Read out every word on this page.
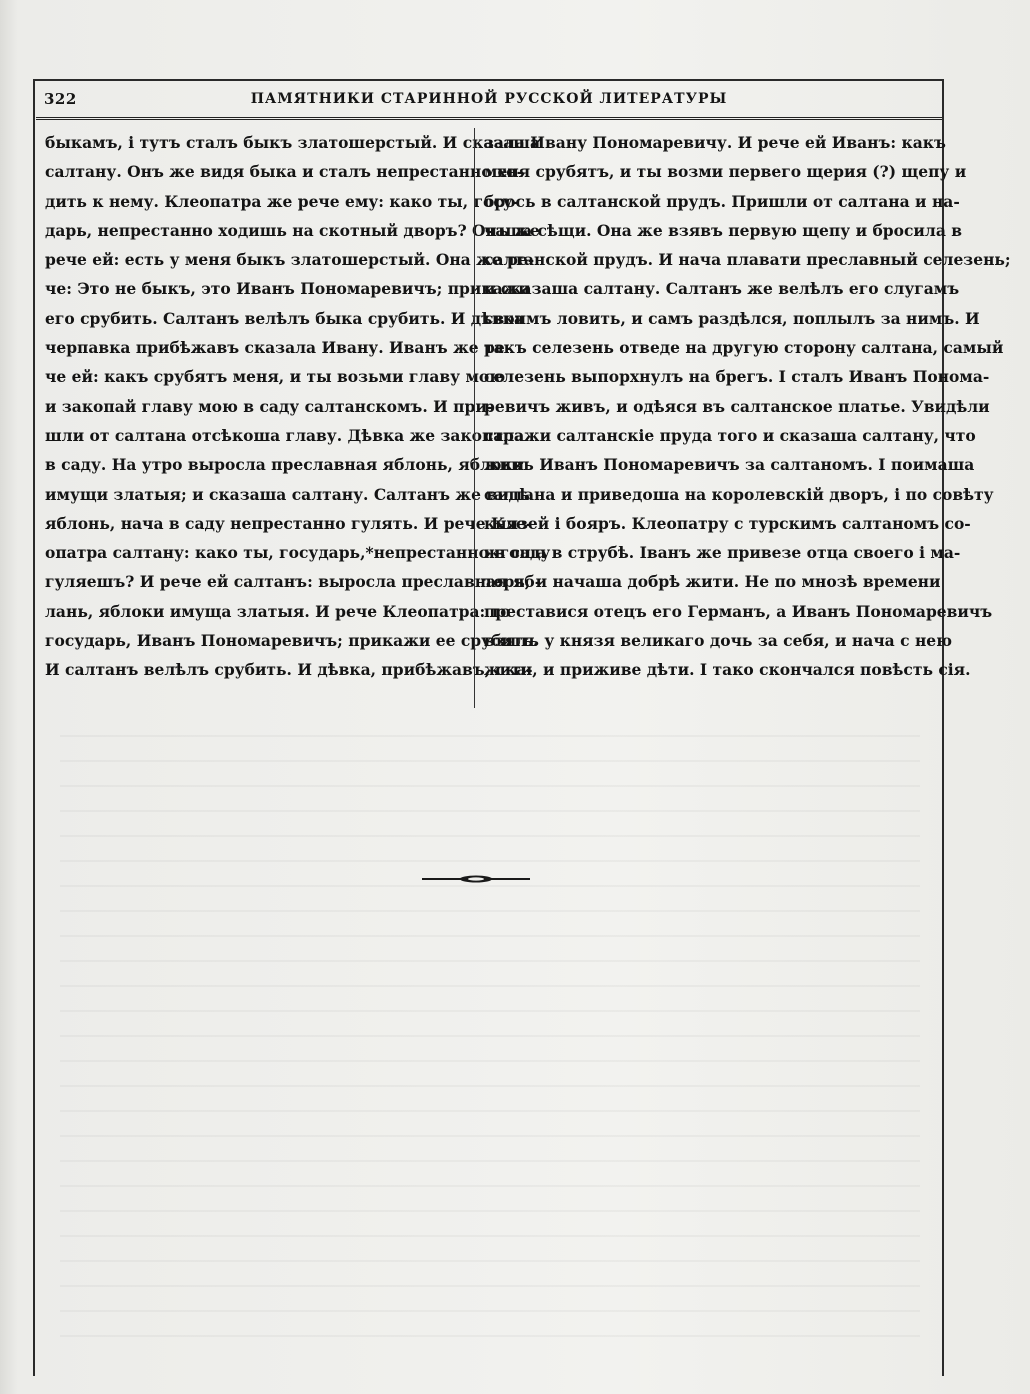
322	ПАМЯТНИКИ СТАРИННОЙ РУССКОЙ ЛИТЕРАТУРЫ
быкамъ, і тутъ сталъ быкъ златошерстый. И сказаша
салтану. Онъ же видя быка и сталъ непрестанно хо-
дить к нему. Клеопатра же рече ему: како ты, госу-
дарь, непрестанно ходишь на скотный дворъ? Онъ же
рече ей: есть у меня быкъ златошерстый. Она же ре-
че: Это не быкъ, это Иванъ Пономаревичъ; прикажи
его срубить. Салтанъ велѣлъ быка срубить. И дѣвка
черпавка прибѣжавъ сказала Ивану. Иванъ же ре-
че ей: какъ срубятъ меня, и ты возьми главу мою
и закопай главу мою в саду салтанскомъ. И при-
шли от салтана отсѣкоша главу. Дѣвка же закопала
в саду. На утро выросла преславная яблонь, яблоки
имущи златыя; и сказаша салтану. Салтанъ же видѣ
яблонь, нача в саду непрестанно гулять. И рече Кле-
опатра салтану: како ты, государь,*непрестанно в саду
гуляешъ? И рече ей салтанъ: выросла преславная яб-
лань, яблоки имуща златыя. И рече Клеопатра: то
государь, Иванъ Пономаревичъ; прикажи ее срубить.
И салтанъ велѣлъ срубить. И дѣвка, прибѣжавъ, ска-
зала Ивану Пономаревичу. И рече ей Иванъ: какъ
меня срубятъ, и ты возми первего щерия (?) щепу и
брось в салтанской прудъ. Пришли от салтана и на-
чаша сѣщи. Она же взявъ первую щепу и бросила в
салтанской прудъ. И нача плавати преславный селезень;
и сказаша салтану. Салтанъ же велѣлъ его слугамъ
своимъ ловить, и самъ раздѣлся, поплылъ за нимъ. И
такъ селезень отведе на другую сторону салтана, самый
селезень выпорхнулъ на брегъ. І сталъ Иванъ Пономa-
ревичъ живъ, и одѣяся въ салтанское платье. Увидѣли
стражи салтанскіе пруда того и сказаша салтану, что
живъ Иванъ Пономаревичъ за салтаномъ. І поимаша
салтана и приведоша на королевскій дворъ, і по совѣту
князей і бояръ. Клеопатру с турскимъ салтаномъ со-
жгоша в струбѣ. Іванъ же привезе отца своего і ма-
терь, и начаша добрѣ жити. Не по мнозѣ времени
преставися отецъ его Германъ, а Иванъ Пономаревичъ
взялъ у князя великаго дочь за себя, и нача с нею
жити, и приживе дѣти. І тако скончался повѣсть сія.
